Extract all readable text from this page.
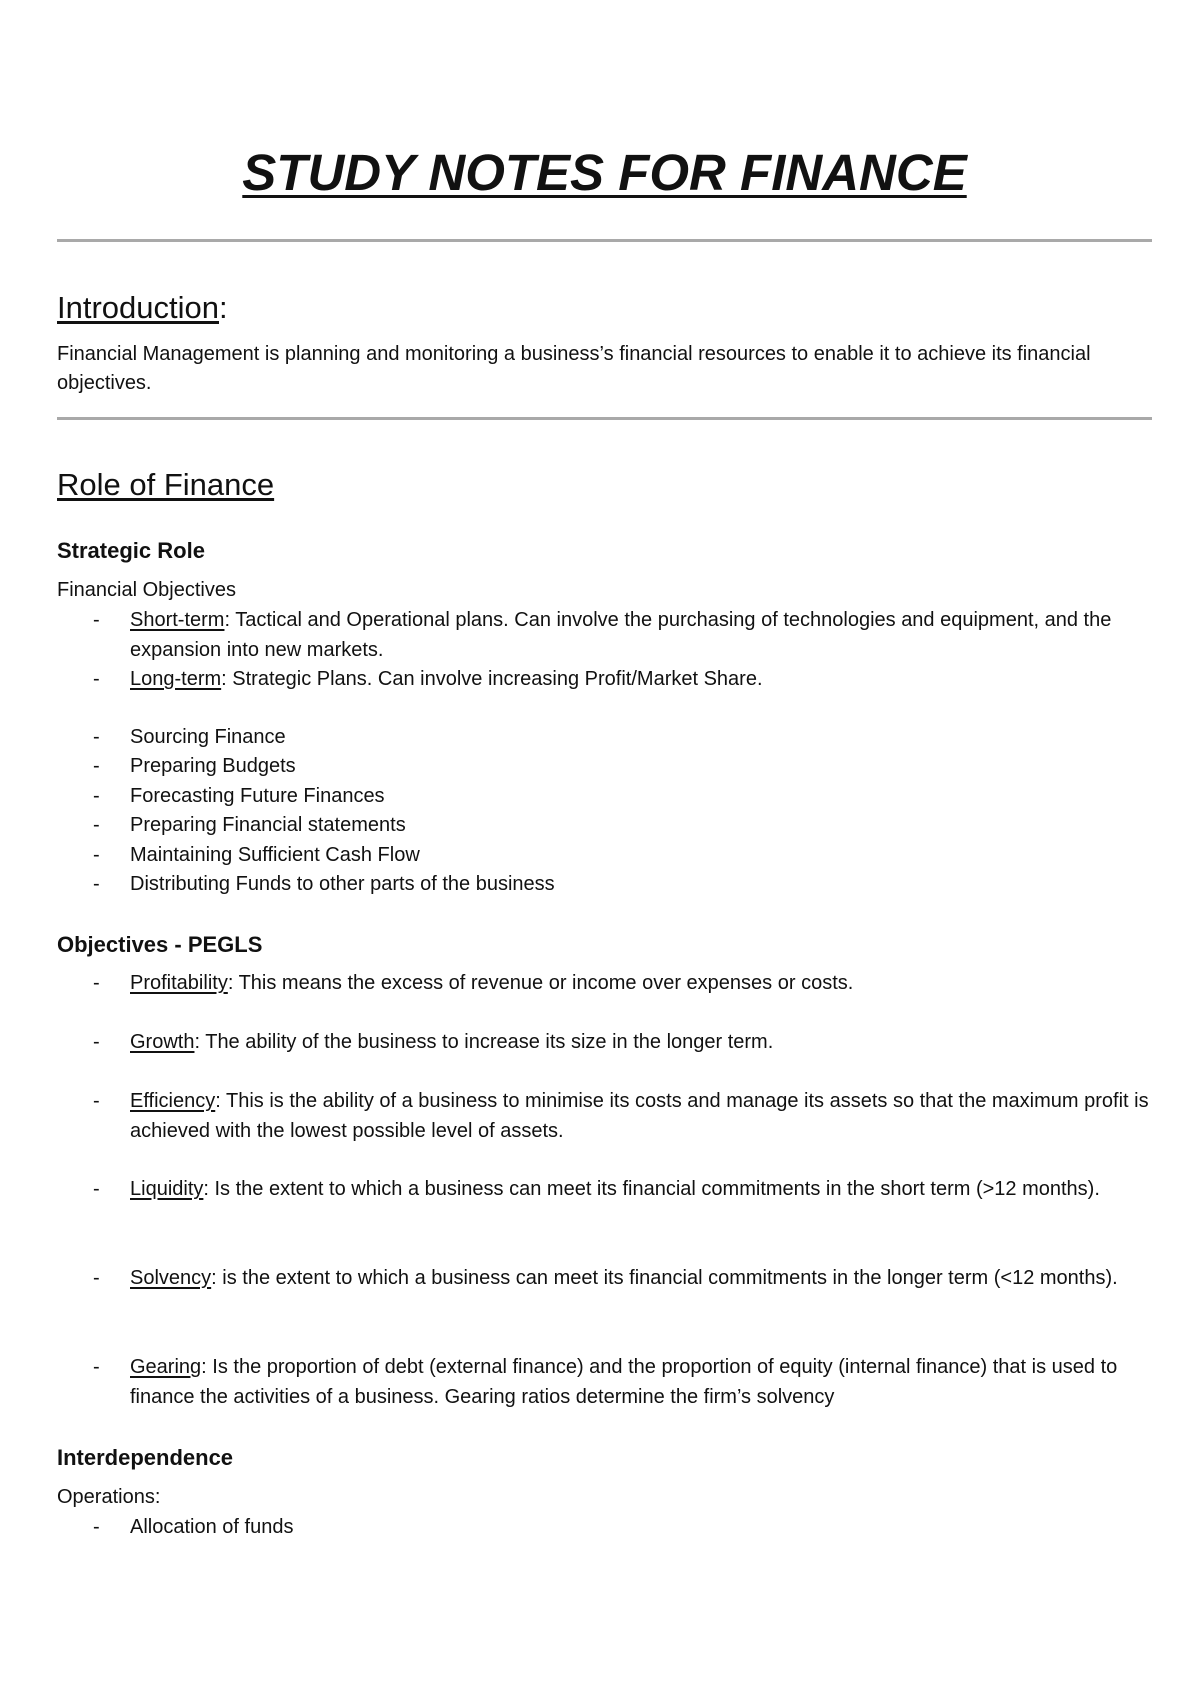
STUDY NOTES FOR FINANCE
Introduction:

Financial Management is planning and monitoring a business’s financial resources to enable it to achieve its financial objectives.

Role of Finance
Strategic Role
Financial Objectives
- Short-term: Tactical and Operational plans. Can involve the purchasing of technologies and equipment, and the expansion into new markets.
- Long-term: Strategic Plans. Can involve increasing Profit/Market Share.
- Sourcing Finance
- Preparing Budgets
- Forecasting Future Finances
- Preparing Financial statements
- Maintaining Sufficient Cash Flow
- Distributing Funds to other parts of the business
Objectives - PEGLS
- Profitability: This means the excess of revenue or income over expenses or costs.
- Growth: The ability of the business to increase its size in the longer term.
- Efficiency: This is the ability of a business to minimise its costs and manage its assets so that the maximum profit is achieved with the lowest possible level of assets.
- Liquidity: Is the extent to which a business can meet its financial commitments in the short term (>12 months).
- Solvency: is the extent to which a business can meet its financial commitments in the longer term (<12 months).
- Gearing: Is the proportion of debt (external finance) and the proportion of equity (internal finance) that is used to finance the activities of a business. Gearing ratios determine the firm’s solvency
Interdependence
Operations:
- Allocation of funds
